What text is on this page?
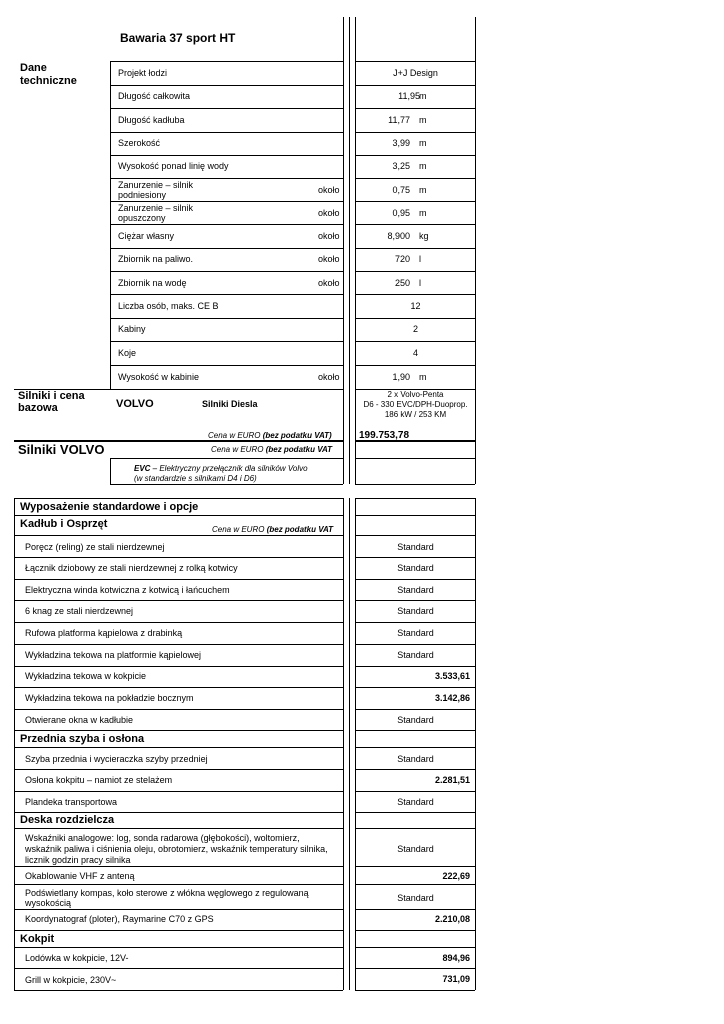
Bawaria 37 sport HT
Dane techniczne
Projekt łodzi	J+J Design
Długość całkowita	11,95 m
Długość kadłuba	11,77 m
Szerokość	3,99 m
Wysokość ponad linię wody	3,25 m
Zanurzenie – silnik podniesiony	około	0,75 m
Zanurzenie – silnik opuszczony	około	0,95 m
Ciężar własny	około	8,900 kg
Zbiornik na paliwo.	około	720 l
Zbiornik na wodę	około	250 l
Liczba osób, maks. CE B	12
Kabiny	2
Koje	4
Wysokość w kabinie	około	1,90 m
Silniki i cena bazowa	VOLVO	Silniki Diesla
2 x Volvo-Penta
D6 - 330 EVC/DPH-Duoprop.
186 kW / 253 KM
Cena w EURO (bez podatku VAT)	199.753,78
Silniki VOLVO	Cena w EURO (bez podatku VAT
EVC – Elektryczny przełącznik dla silników Volvo
(w standardzie s silnikami D4 i D6)
Wyposażenie standardowe i opcje
Kadłub i Osprzęt	Cena w EURO (bez podatku VAT
Poręcz (reling) ze stali nierdzewnej	Standard
Łącznik dziobowy ze stali nierdzewnej z rolką kotwicy	Standard
Elektryczna winda kotwiczna z kotwicą i łańcuchem	Standard
6 knag ze stali nierdzewnej	Standard
Rufowa platforma kąpielowa z drabinką	Standard
Wykładzina tekowa na platformie kąpielowej	Standard
Wykładzina tekowa w kokpicie	3.533,61
Wykładzina tekowa na pokładzie bocznym	3.142,86
Otwierane okna w kadłubie	Standard
Przednia szyba i osłona
Szyba przednia i wycieraczka szyby przedniej	Standard
Osłona kokpitu – namiot ze stelażem	2.281,51
Plandeka transportowa	Standard
Deska rozdzielcza
Wskaźniki analogowe: log, sonda radarowa (głębokości), woltomierz,
wskaźnik paliwa i ciśnienia oleju, obrotomierz, wskaźnik temperatury silnika,
licznik godzin pracy silnika
Standard
Okablowanie VHF z anteną	222,69
Podświetlany kompas, koło sterowe z włókna węglowego z regulowaną
wysokością	Standard
Koordynatograf (ploter), Raymarine C70 z GPS	2.210,08
Kokpit
Lodówka w kokpicie, 12V-	894,96
Grill w kokpicie, 230V~	731,09
